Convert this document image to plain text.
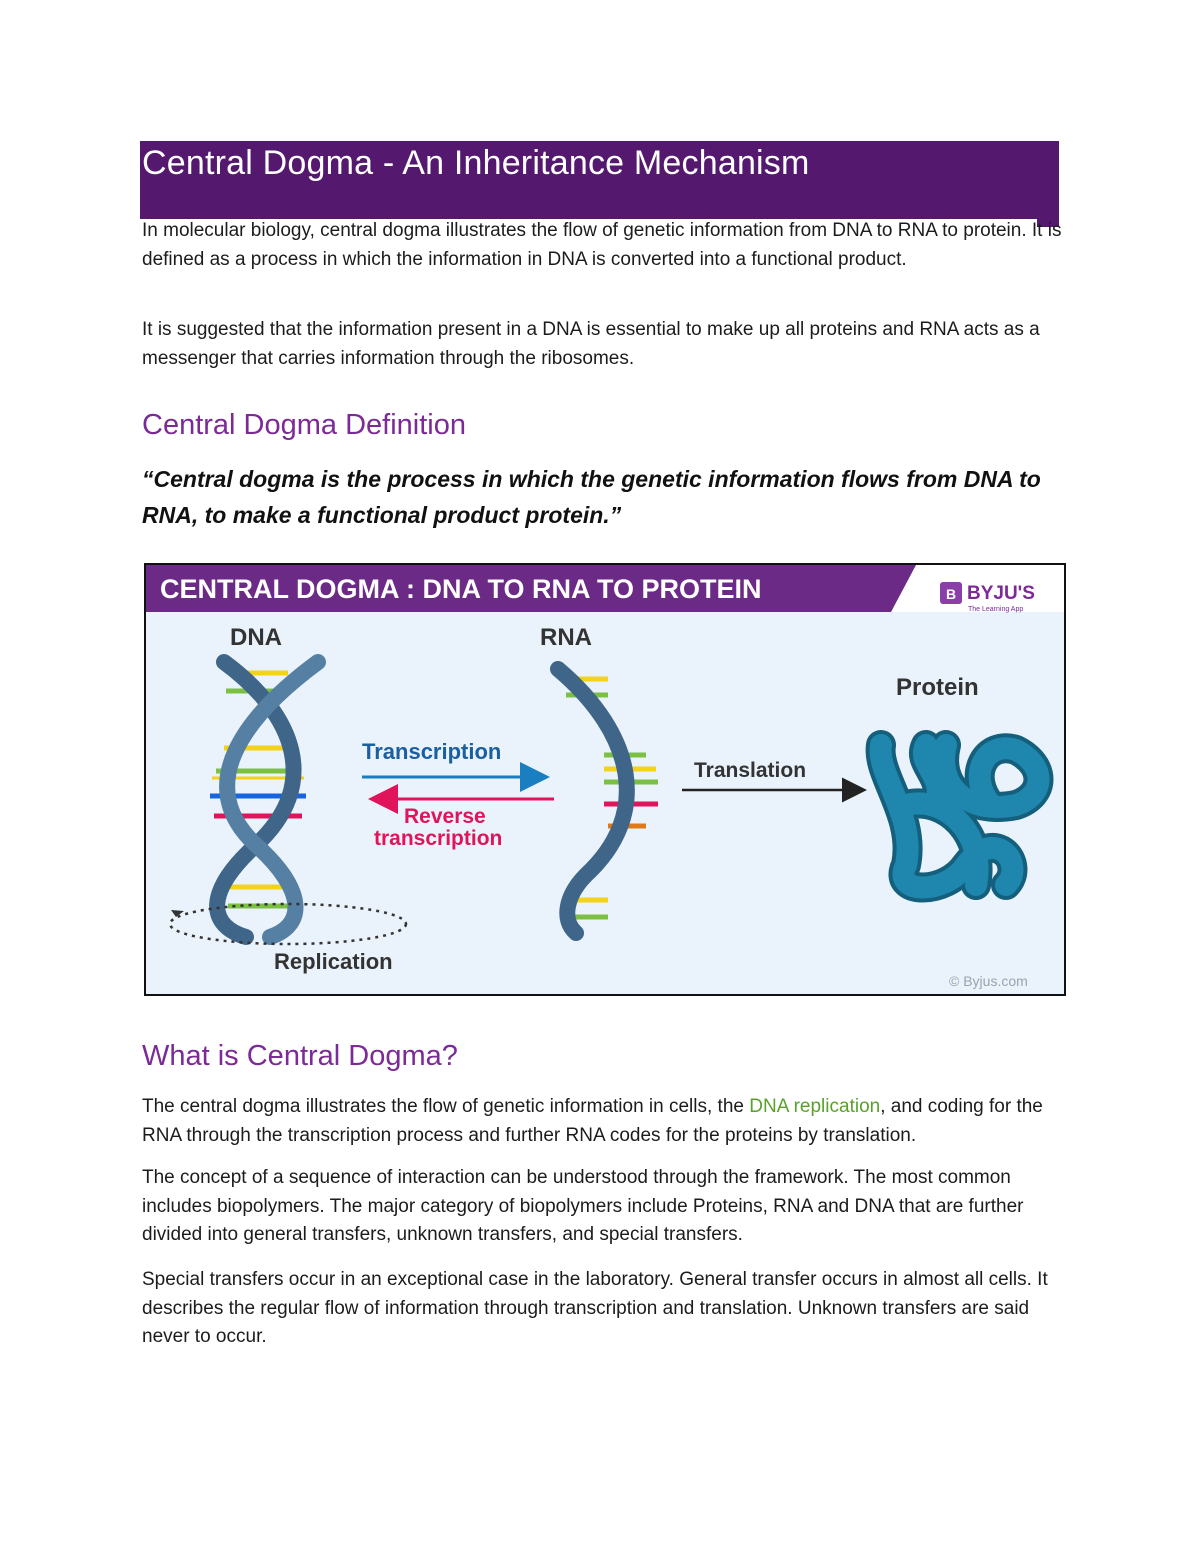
Central Dogma - An Inheritance Mechanism
In molecular biology, central dogma illustrates the flow of genetic information from DNA to RNA to protein. It is defined as a process in which the information in DNA is converted into a functional product.
It is suggested that the information present in a DNA is essential to make up all proteins and RNA acts as a messenger that carries information through the ribosomes.
Central Dogma Definition
“Central dogma is the process in which the genetic information flows from DNA to RNA, to make a functional product protein.”
CENTRAL DOGMA : DNA TO RNA TO PROTEIN	B BYJU'S
The Learning App
DNA	RNA
Protein
Transcription
Reverse
transcription
Translation
Replication
© Byjus.com
What is Central Dogma?
The central dogma illustrates the flow of genetic information in cells, the DNA replication, and coding for the RNA through the transcription process and further RNA codes for the proteins by translation.
The concept of a sequence of interaction can be understood through the framework. The most common includes biopolymers. The major category of biopolymers include Proteins, RNA and DNA that are further divided into general transfers, unknown transfers, and special transfers.
Special transfers occur in an exceptional case in the laboratory. General transfer occurs in almost all cells. It describes the regular flow of information through transcription and translation. Unknown transfers are said never to occur.
